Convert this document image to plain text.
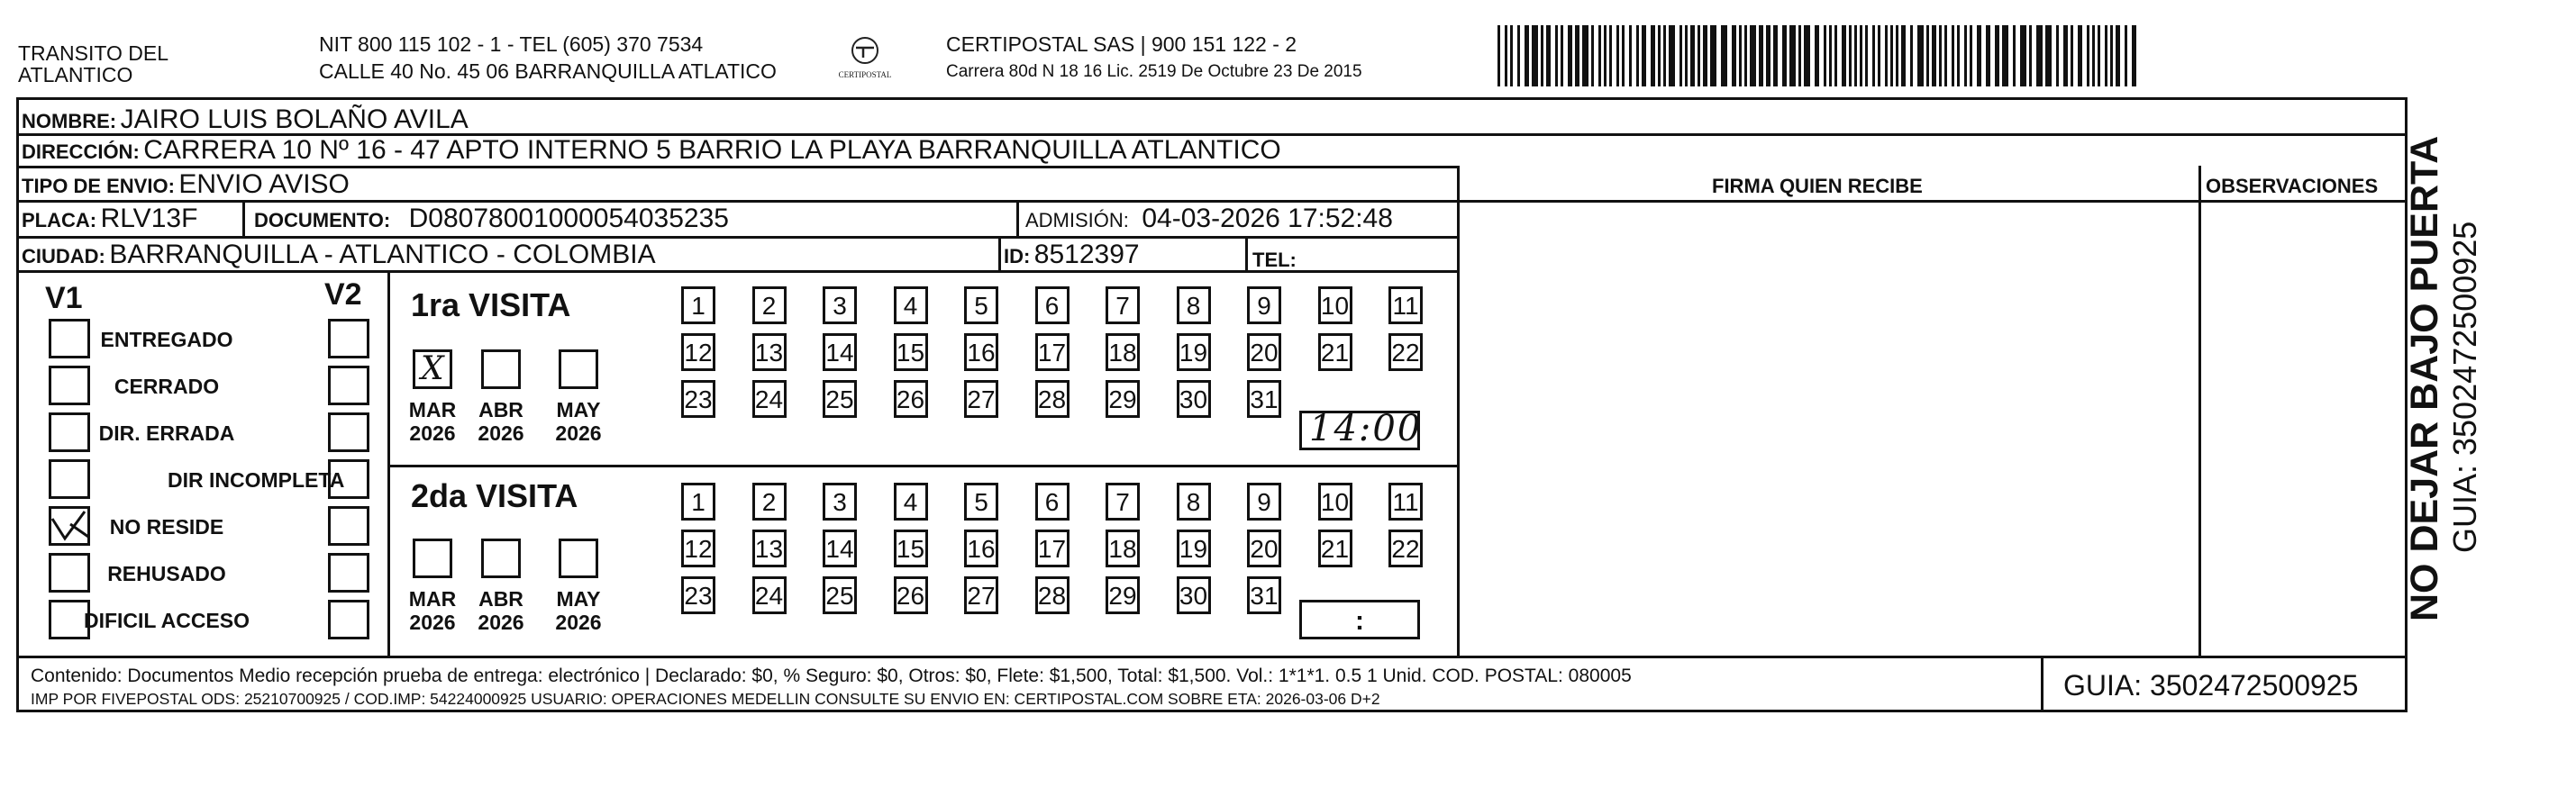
TRANSITO DEL
ATLANTICO
NIT 800 115 102 - 1 - TEL (605) 370 7534
CALLE 40 No. 45 06 BARRANQUILLA ATLATICO	CERTIPOSTAL
CERTIPOSTAL SAS | 900 151 122 - 2
Carrera 80d N 18 16 Lic. 2519 De Octubre 23 De 2015
NOMBRE: JAIRO LUIS BOLAÑO AVILA
DIRECCIÓN: CARRERA 10 Nº 16 - 47 APTO INTERNO 5 BARRIO LA PLAYA BARRANQUILLA ATLANTICO
TIPO DE ENVIO: ENVIO AVISO	FIRMA QUIEN RECIBE	OBSERVACIONES
PLACA: RLV13F	DOCUMENTO: D08078001000054035235	ADMISIÓN: 04-03-2026 17:52:48
CIUDAD: BARRANQUILLA - ATLANTICO - COLOMBIA	ID: 8512397	TEL:
V1	V2
ENTREGADO
CERRADO
DIR. ERRADA
DIR INCOMPLETA
NO RESIDE
REHUSADO
DIFICIL ACCESO
1ra VISITA
2da VISITA
X
MAR
2026
ABR
2026
MAY
2026
MAR
2026
ABR
2026
MAY
2026
1	2	3	4	5	6	7	8	9	10 11
12 13 14 15 16 17 18 19 20 21 22
23 24 25 26 27 28 29 30 31
1	2	3	4	5	6	7	8	9	10 11
12 13 14 15 16 17 18 19 20 21 22
23 24 25 26 27 28 29 30 31
14:00
:
Contenido: Documentos Medio recepción prueba de entrega: electrónico | Declarado: $0, % Seguro: $0, Otros: $0, Flete: $1,500, Total: $1,500. Vol.: 1*1*1. 0.5 1 Unid. COD. POSTAL: 080005
IMP POR FIVEPOSTAL ODS: 25210700925 / COD.IMP: 54224000925 USUARIO: OPERACIONES MEDELLIN CONSULTE SU ENVIO EN: CERTIPOSTAL.COM SOBRE ETA: 2026-03-06 D+2	GUIA: 3502472500925
NO DEJAR BAJO PUERTA GUIA: 3502472500925
